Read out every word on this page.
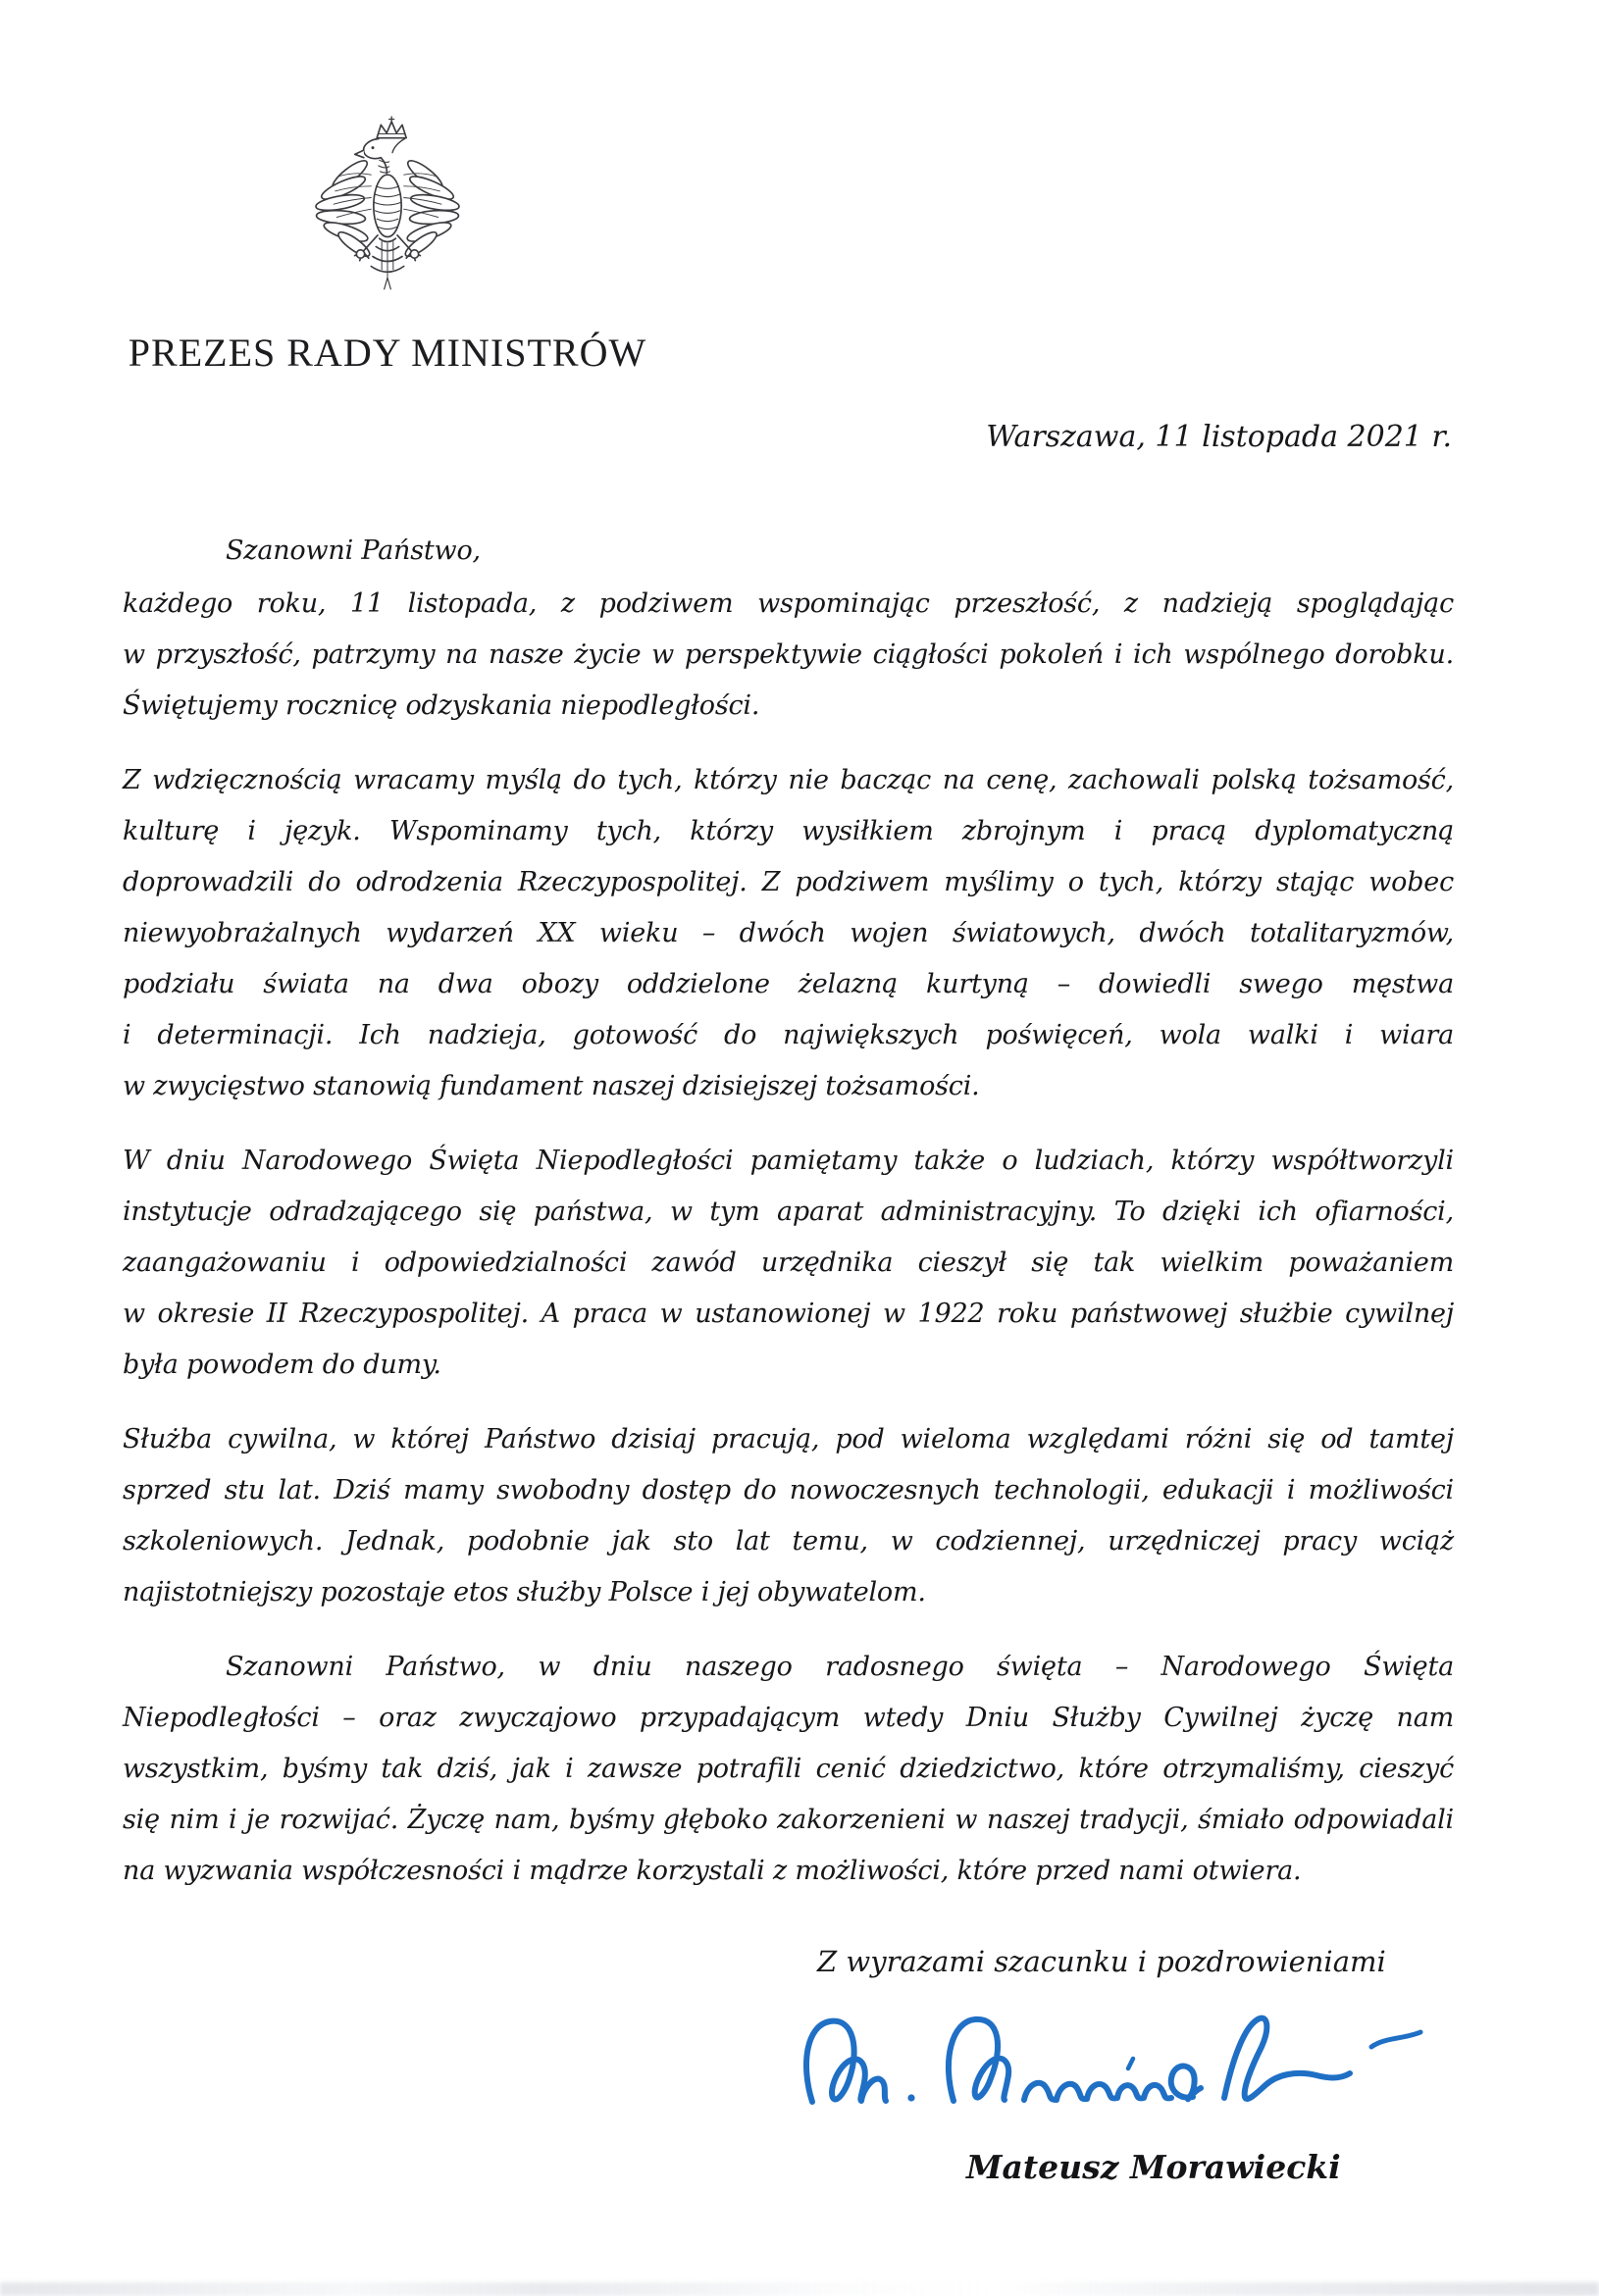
PREZES RADY MINISTRÓW
Warszawa, 11 listopada 2021 r.
Szanowni Państwo,
każdego roku, 11 listopada, z podziwem wspominając przeszłość, z nadzieją spoglądając
w przyszłość, patrzymy na nasze życie w perspektywie ciągłości pokoleń i ich wspólnego dorobku.
Świętujemy rocznicę odzyskania niepodległości.
Z wdzięcznością wracamy myślą do tych, którzy nie bacząc na cenę, zachowali polską tożsamość,
kulturę i język. Wspominamy tych, którzy wysiłkiem zbrojnym i pracą dyplomatyczną
doprowadzili do odrodzenia Rzeczypospolitej. Z podziwem myślimy o tych, którzy stając wobec
niewyobrażalnych wydarzeń XX wieku – dwóch wojen światowych, dwóch totalitaryzmów,
podziału świata na dwa obozy oddzielone żelazną kurtyną – dowiedli swego męstwa
i determinacji. Ich nadzieja, gotowość do największych poświęceń, wola walki i wiara
w zwycięstwo stanowią fundament naszej dzisiejszej tożsamości.
W dniu Narodowego Święta Niepodległości pamiętamy także o ludziach, którzy współtworzyli
instytucje odradzającego się państwa, w tym aparat administracyjny. To dzięki ich ofiarności,
zaangażowaniu i odpowiedzialności zawód urzędnika cieszył się tak wielkim poważaniem
w okresie II Rzeczypospolitej. A praca w ustanowionej w 1922 roku państwowej służbie cywilnej
była powodem do dumy.
Służba cywilna, w której Państwo dzisiaj pracują, pod wieloma względami różni się od tamtej
sprzed stu lat. Dziś mamy swobodny dostęp do nowoczesnych technologii, edukacji i możliwości
szkoleniowych. Jednak, podobnie jak sto lat temu, w codziennej, urzędniczej pracy wciąż
najistotniejszy pozostaje etos służby Polsce i jej obywatelom.
Szanowni Państwo, w dniu naszego radosnego święta – Narodowego Święta
Niepodległości – oraz zwyczajowo przypadającym wtedy Dniu Służby Cywilnej życzę nam
wszystkim, byśmy tak dziś, jak i zawsze potrafili cenić dziedzictwo, które otrzymaliśmy, cieszyć
się nim i je rozwijać. Życzę nam, byśmy głęboko zakorzenieni w naszej tradycji, śmiało odpowiadali
na wyzwania współczesności i mądrze korzystali z możliwości, które przed nami otwiera.
Z wyrazami szacunku i pozdrowieniami
Mateusz Morawiecki
